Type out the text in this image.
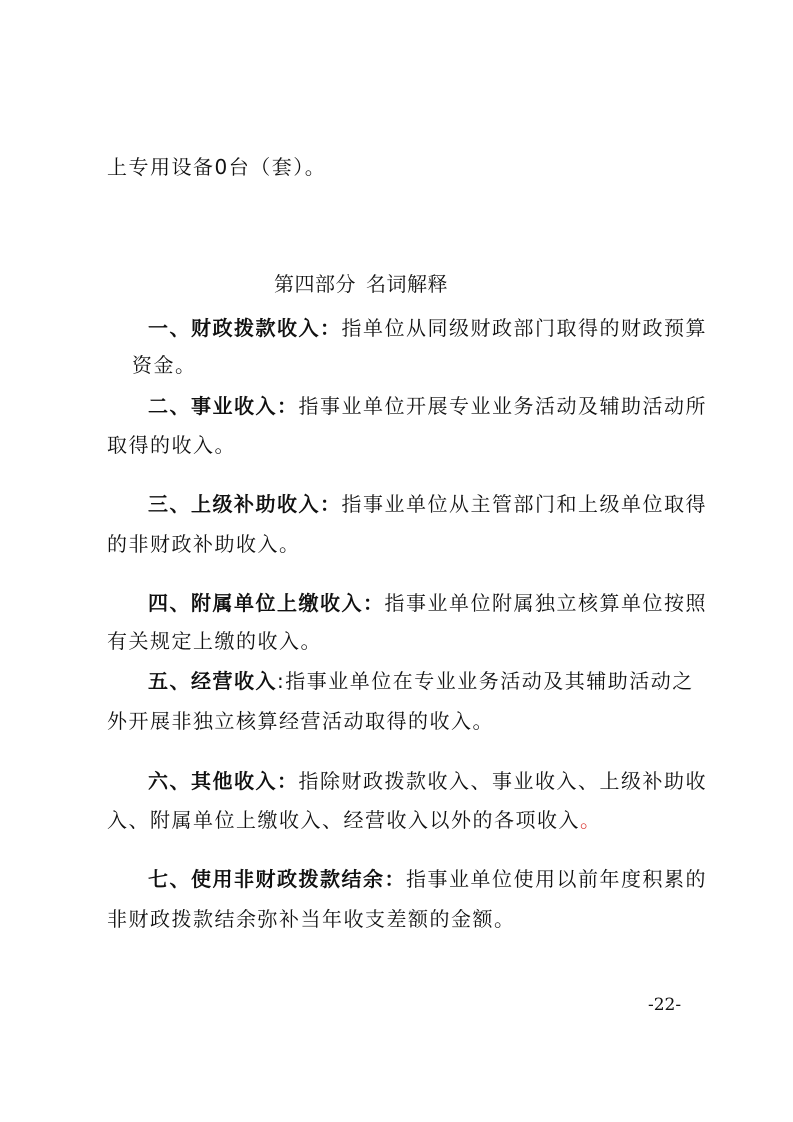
上专用设备0台（套）。
第四部分 名词解释
一、财政拨款收入：指单位从同级财政部门取得的财政预算
资金。
二、事业收入：指事业单位开展专业业务活动及辅助活动所
取得的收入。
三、上级补助收入：指事业单位从主管部门和上级单位取得
的非财政补助收入。
四、附属单位上缴收入：指事业单位附属独立核算单位按照
有关规定上缴的收入。
五、经营收入:指事业单位在专业业务活动及其辅助活动之
外开展非独立核算经营活动取得的收入。
六、其他收入：指除财政拨款收入、事业收入、上级补助收
入、附属单位上缴收入、经营收入以外的各项收入。
七、使用非财政拨款结余：指事业单位使用以前年度积累的
非财政拨款结余弥补当年收支差额的金额。
-22-
